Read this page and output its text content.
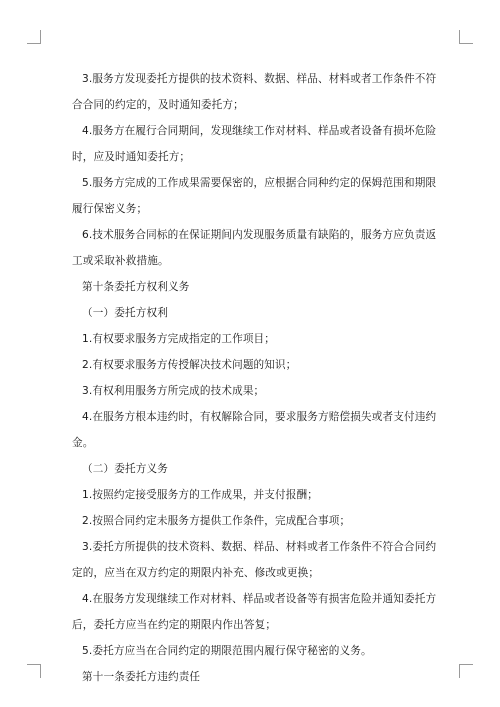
3.服务方发现委托方提供的技术资料、数据、样品、材料或者工作条件不符合合同的约定的，及时通知委托方；

4.服务方在履行合同期间，发现继续工作对材料、样品或者设备有损坏危险时，应及时通知委托方；

5.服务方完成的工作成果需要保密的，应根据合同种约定的保姆范围和期限履行保密义务；

6.技术服务合同标的在保证期间内发现服务质量有缺陷的，服务方应负责返工或采取补救措施。

第十条委托方权利义务

（一）委托方权利

1.有权要求服务方完成指定的工作项目；

2.有权要求服务方传授解决技术问题的知识；

3.有权利用服务方所完成的技术成果；

4.在服务方根本违约时，有权解除合同，要求服务方赔偿损失或者支付违约金。

（二）委托方义务

1.按照约定接受服务方的工作成果，并支付报酬；

2.按照合同约定未服务方提供工作条件，完成配合事项；

3.委托方所提供的技术资料、数据、样品、材料或者工作条件不符合合同约定的，应当在双方约定的期限内补充、修改或更换；

4.在服务方发现继续工作对材料、样品或者设备等有损害危险并通知委托方后，委托方应当在约定的期限内作出答复；

5.委托方应当在合同约定的期限范围内履行保守秘密的义务。

第十一条委托方违约责任
